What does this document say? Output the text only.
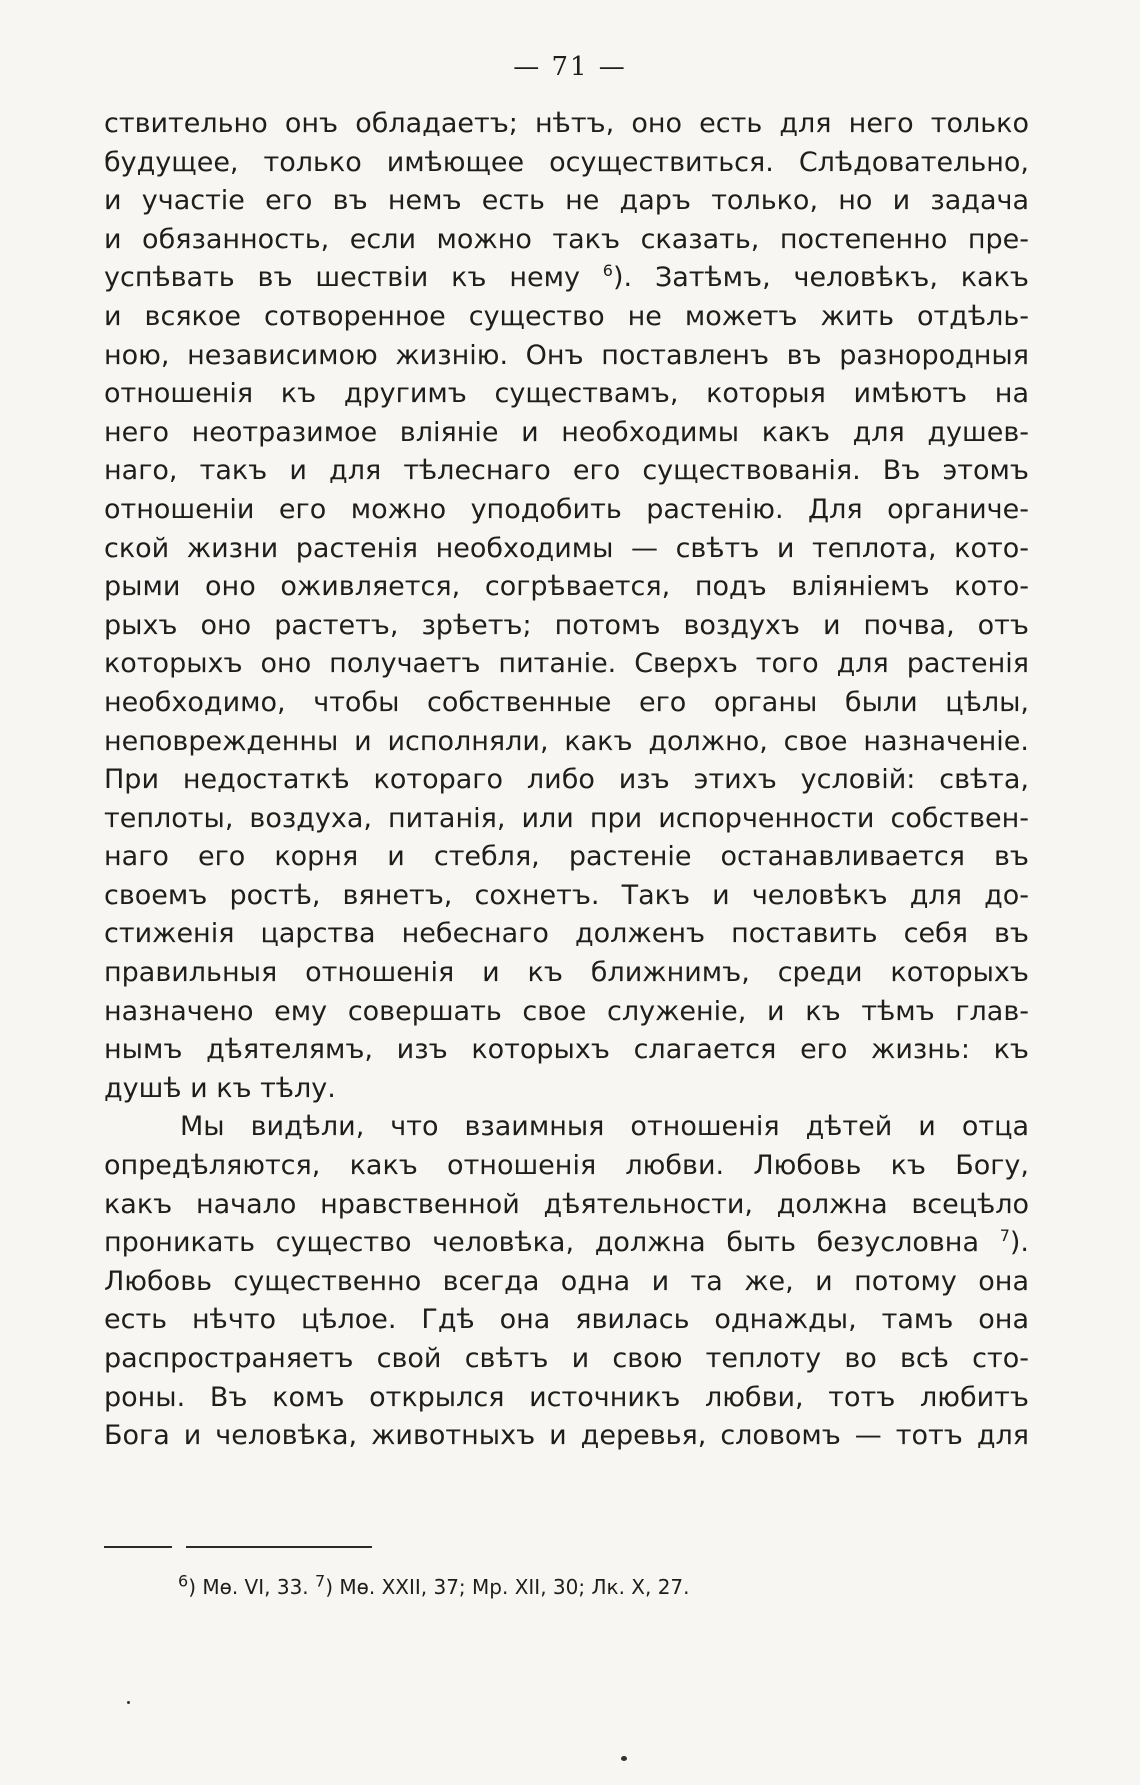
— 71 —
ствительно онъ обладаетъ; нѣтъ, оно есть для него только
будущее, только имѣющее осуществиться. Слѣдовательно,
и участіе его въ немъ есть не даръ только, но и задача
и обязанность, если можно такъ сказать, постепенно пре-
успѣвать въ шествіи къ нему $^6$). Затѣмъ, человѣкъ, какъ
и всякое сотворенное существо не можетъ жить отдѣль-
ною, независимою жизнію. Онъ поставленъ въ разнородныя
отношенія къ другимъ существамъ, которыя имѣютъ на
него неотразимое вліяніе и необходимы какъ для душев-
наго, такъ и для тѣлеснаго его существованія. Въ этомъ
отношеніи его можно уподобить растенію. Для органиче-
ской жизни растенія необходимы — свѣтъ и теплота, кото-
рыми оно оживляется, согрѣвается, подъ вліяніемъ кото-
рыхъ оно растетъ, зрѣетъ; потомъ воздухъ и почва, отъ
которыхъ оно получаетъ питаніе. Сверхъ того для растенія
необходимо, чтобы собственные его органы были цѣлы,
неповрежденны и исполняли, какъ должно, свое назначеніе.
При недостаткѣ котораго либо изъ этихъ условій: свѣта,
теплоты, воздуха, питанія, или при испорченности собствен-
наго его корня и стебля, растеніе останавливается въ
своемъ ростѣ, вянетъ, сохнетъ. Такъ и человѣкъ для до-
стиженія царства небеснаго долженъ поставить себя въ
правильныя отношенія и къ ближнимъ, среди которыхъ
назначено ему совершать свое служеніе, и къ тѣмъ глав-
нымъ дѣятелямъ, изъ которыхъ слагается его жизнь: къ
душѣ и къ тѣлу.
Мы видѣли, что взаимныя отношенія дѣтей и отца
опредѣляются, какъ отношенія любви. Любовь къ Богу,
какъ начало нравственной дѣятельности, должна всецѣло
проникать существо человѣка, должна быть безусловна $^7$).
Любовь существенно всегда одна и та же, и потому она
есть нѣчто цѣлое. Гдѣ она явилась однажды, тамъ она
распространяетъ свой свѣтъ и свою теплоту во всѣ сто-
роны. Въ комъ открылся источникъ любви, тотъ любитъ
Бога и человѣка, животныхъ и деревья, словомъ — тотъ для
$^6$) Мѳ. VI, 33. $^7$) Мѳ. XXII, 37; Мр. XII, 30; Лк. X, 27.
